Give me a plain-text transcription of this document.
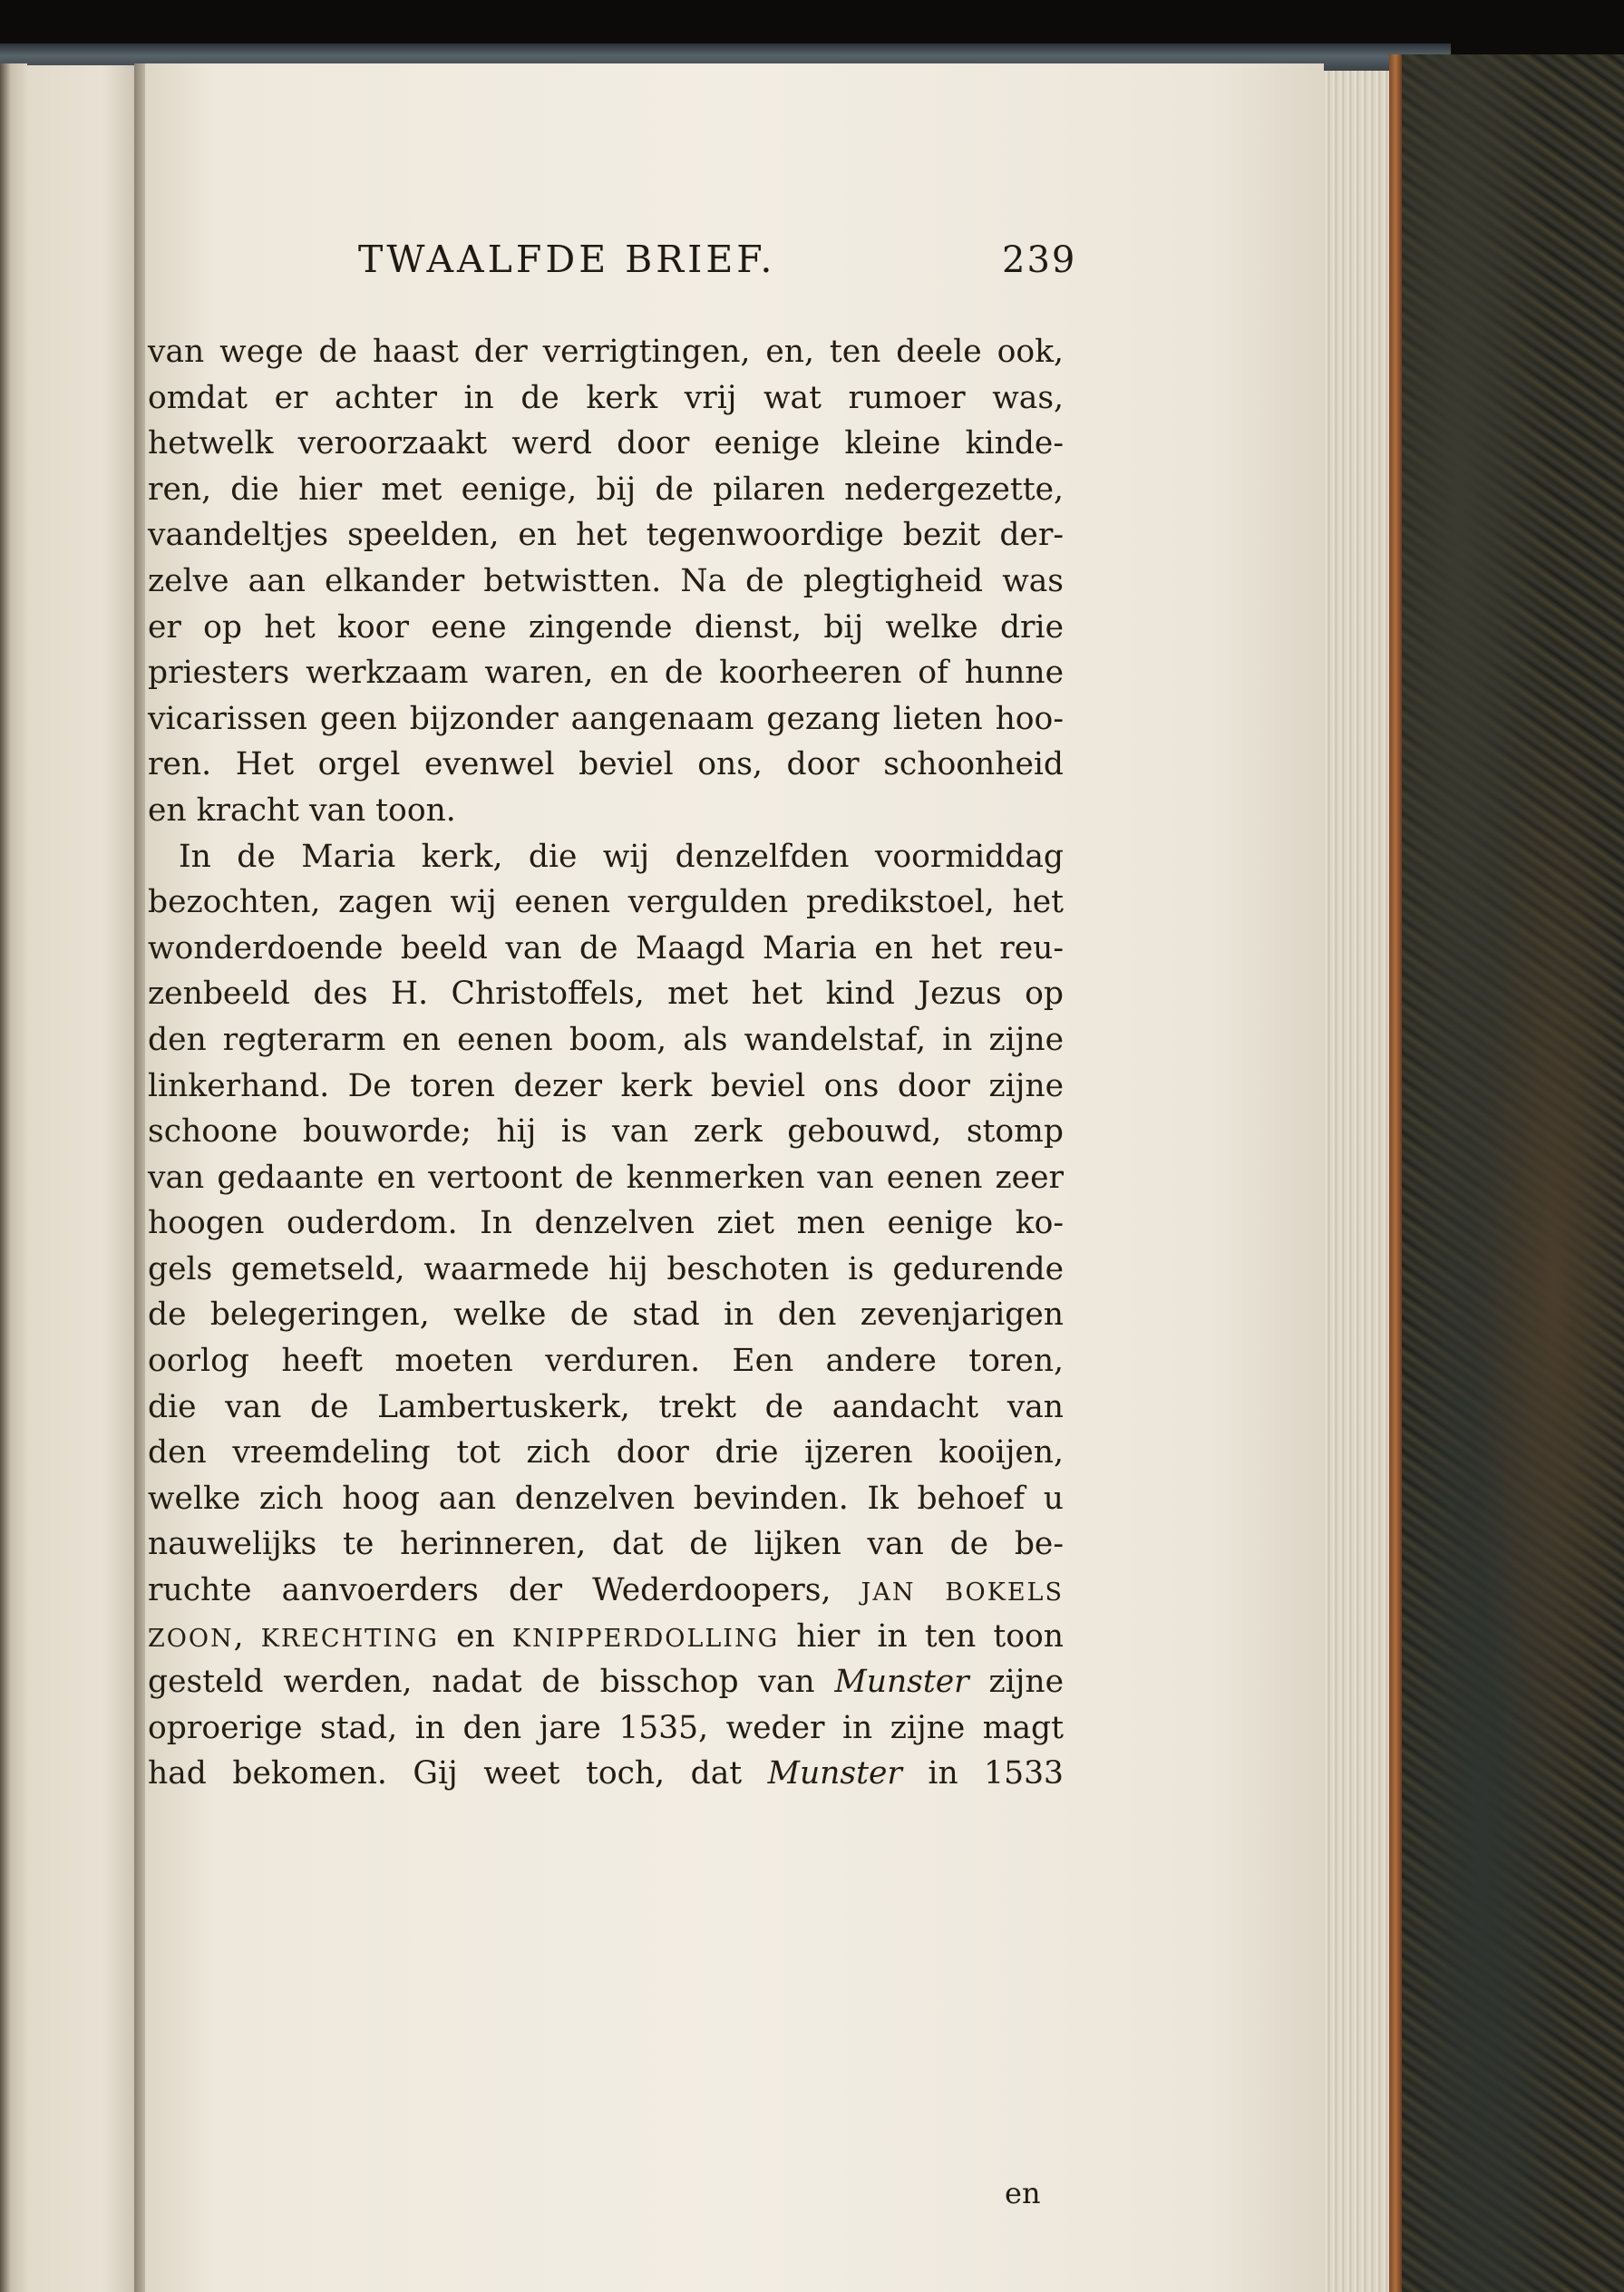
TWAALFDE BRIEF.	239
van wege de haast der verrigtingen, en, ten deele ook,
omdat er achter in de kerk vrij wat rumoer was,
hetwelk veroorzaakt werd door eenige kleine kinde-
ren, die hier met eenige, bij de pilaren nedergezette,
vaandeltjes speelden, en het tegenwoordige bezit der-
zelve aan elkander betwistten. Na de plegtigheid was
er op het koor eene zingende dienst, bij welke drie
priesters werkzaam waren, en de koorheeren of hunne
vicarissen geen bijzonder aangenaam gezang lieten hoo-
ren. Het orgel evenwel beviel ons, door schoonheid
en kracht van toon.
In de Maria kerk, die wij denzelfden voormiddag
bezochten, zagen wij eenen vergulden predikstoel, het
wonderdoende beeld van de Maagd Maria en het reu-
zenbeeld des H. Christoffels, met het kind Jezus op
den regterarm en eenen boom, als wandelstaf, in zijne
linkerhand. De toren dezer kerk beviel ons door zijne
schoone bouworde; hij is van zerk gebouwd, stomp
van gedaante en vertoont de kenmerken van eenen zeer
hoogen ouderdom. In denzelven ziet men eenige ko-
gels gemetseld, waarmede hij beschoten is gedurende
de belegeringen, welke de stad in den zevenjarigen
oorlog heeft moeten verduren. Een andere toren,
die van de Lambertuskerk, trekt de aandacht van
den vreemdeling tot zich door drie ijzeren kooijen,
welke zich hoog aan denzelven bevinden. Ik behoef u
nauwelijks te herinneren, dat de lijken van de be-
ruchte aanvoerders der Wederdoopers, JAN BOKELS
ZOON, KRECHTING en KNIPPERDOLLING hier in ten toon
gesteld werden, nadat de bisschop van Munster zijne
oproerige stad, in den jare 1535, weder in zijne magt
had bekomen. Gij weet toch, dat Munster in 1533
en
